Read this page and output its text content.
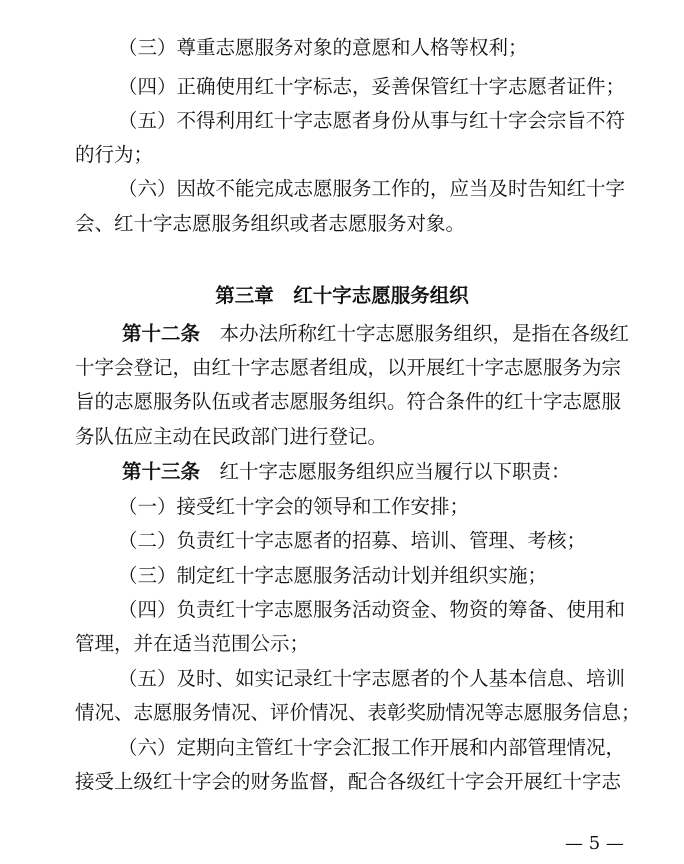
（三）尊重志愿服务对象的意愿和人格等权利；
（四）正确使用红十字标志，妥善保管红十字志愿者证件；
（五）不得利用红十字志愿者身份从事与红十字会宗旨不符
的行为；
（六）因故不能完成志愿服务工作的，应当及时告知红十字
会、红十字志愿服务组织或者志愿服务对象。
第三章　红十字志愿服务组织
第十二条　 本办法所称红十字志愿服务组织，是指在各级红
十字会登记，由红十字志愿者组成，以开展红十字志愿服务为宗
旨的志愿服务队伍或者志愿服务组织。符合条件的红十字志愿服
务队伍应主动在民政部门进行登记。
第十三条　 红十字志愿服务组织应当履行以下职责：
（一）接受红十字会的领导和工作安排；
（二）负责红十字志愿者的招募、培训、管理、考核；
（三）制定红十字志愿服务活动计划并组织实施；
（四）负责红十字志愿服务活动资金、物资的筹备、使用和
管理，并在适当范围公示；
（五）及时、如实记录红十字志愿者的个人基本信息、培训
情况、志愿服务情况、评价情况、表彰奖励情况等志愿服务信息；
（六）定期向主管红十字会汇报工作开展和内部管理情况，
接受上级红十字会的财务监督，配合各级红十字会开展红十字志
— 5 —
